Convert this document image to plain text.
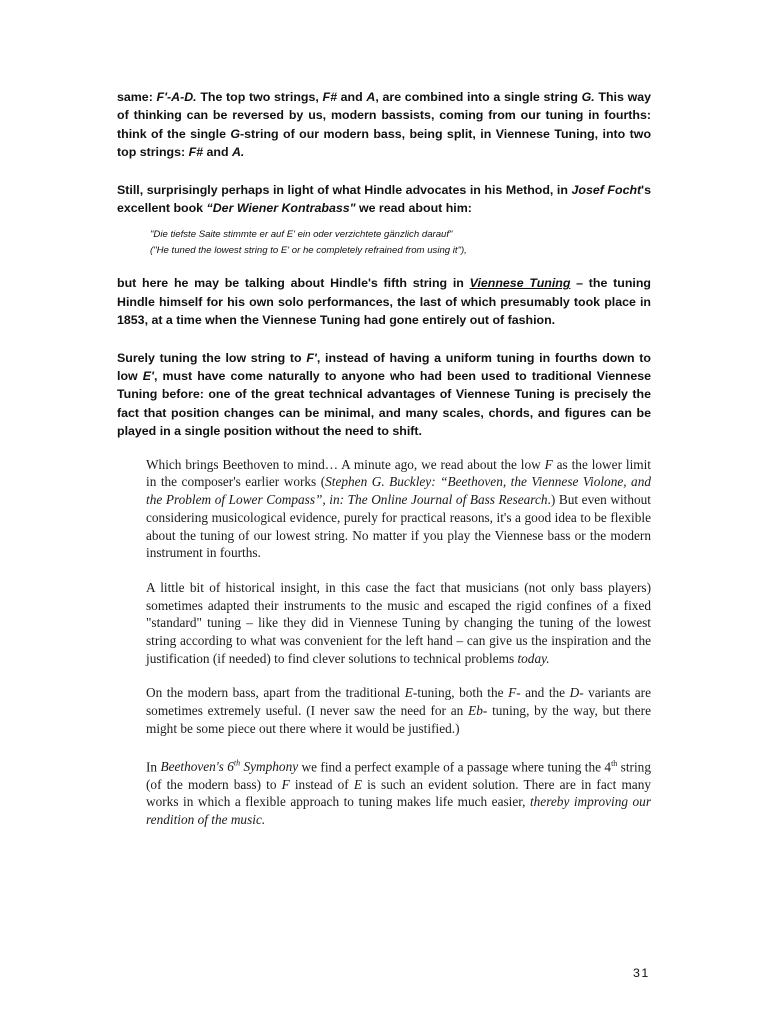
same: F'-A-D. The top two strings, F# and A, are combined into a single string G. This way of thinking can be reversed by us, modern bassists, coming from our tuning in fourths: think of the single G-string of our modern bass, being split, in Viennese Tuning, into two top strings: F# and A.

Still, surprisingly perhaps in light of what Hindle advocates in his Method, in Josef Focht's excellent book “Der Wiener Kontrabass" we read about him:

"Die tiefste Saite stimmte er auf E' ein oder verzichtete gänzlich darauf"

("He tuned the lowest string to E' or he completely refrained from using it"),

but here he may be talking about Hindle's fifth string in Viennese Tuning – the tuning Hindle himself for his own solo performances, the last of which presumably took place in 1853, at a time when the Viennese Tuning had gone entirely out of fashion.

Surely tuning the low string to F', instead of having a uniform tuning in fourths down to low E', must have come naturally to anyone who had been used to traditional Viennese Tuning before: one of the great technical advantages of Viennese Tuning is precisely the fact that position changes can be minimal, and many scales, chords, and figures can be played in a single position without the need to shift.

Which brings Beethoven to mind… A minute ago, we read about the low F as the lower limit in the composer's earlier works (Stephen G. Buckley: “Beethoven, the Viennese Violone, and the Problem of Lower Compass”, in: The Online Journal of Bass Research.) But even without considering musicological evidence, purely for practical reasons, it's a good idea to be flexible about the tuning of our lowest string. No matter if you play the Viennese bass or the modern instrument in fourths.

A little bit of historical insight, in this case the fact that musicians (not only bass players) sometimes adapted their instruments to the music and escaped the rigid confines of a fixed "standard" tuning – like they did in Viennese Tuning by changing the tuning of the lowest string according to what was convenient for the left hand – can give us the inspiration and the justification (if needed) to find clever solutions to technical problems today.

On the modern bass, apart from the traditional E-tuning, both the F- and the D- variants are sometimes extremely useful. (I never saw the need for an Eb- tuning, by the way, but there might be some piece out there where it would be justified.)

In Beethoven's 6th Symphony we find a perfect example of a passage where tuning the 4th string (of the modern bass) to F instead of E is such an evident solution. There are in fact many works in which a flexible approach to tuning makes life much easier, thereby improving our rendition of the music.

31
